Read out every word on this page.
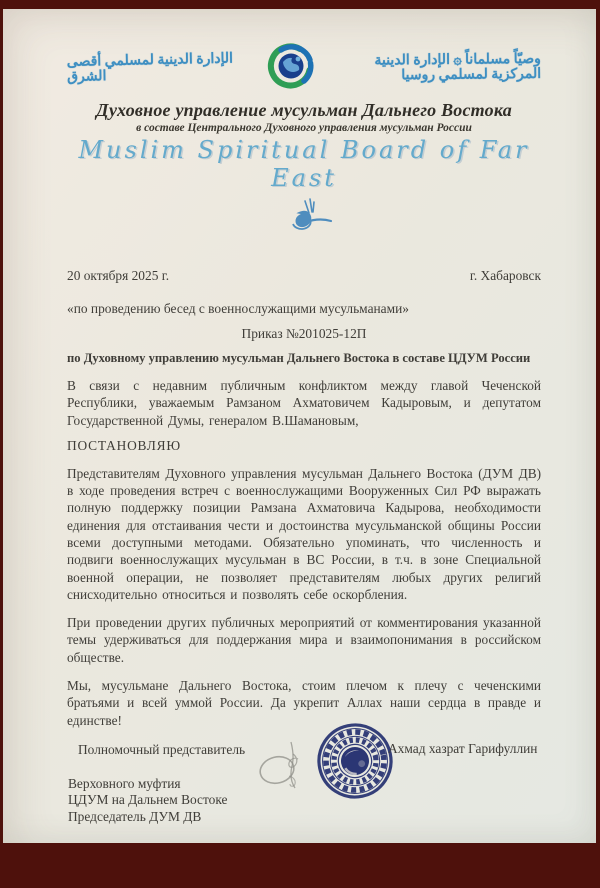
الإدارة الدينية لمسلمي أقصى الشرق
وصيّاً مسلماناً ۞ الإدارة الدينية المركزية لمسلمي روسيا
Духовное управление мусульман Дальнего Востока
в составе Центрального Духовного управления мусульман России
Muslim Spiritual Board of Far East
20 октября 2025 г.	г. Хабаровск
«по проведению бесед с военнослужащими мусульманами»
Приказ №201025-12П
по Духовному управлению мусульман Дальнего Востока в составе ЦДУМ России
В связи с недавним публичным конфликтом между главой Чеченской Республики, уважаемым Рамзаном Ахматовичем Кадыровым, и депутатом Государственной Думы, генералом В.Шамановым,
ПОСТАНОВЛЯЮ
Представителям Духовного управления мусульман Дальнего Востока (ДУМ ДВ) в ходе проведения встреч с военнослужащими Вооруженных Сил РФ выражать полную поддержку позиции Рамзана Ахматовича Кадырова, необходимости единения для отстаивания чести и достоинства мусульманской общины России всеми доступными методами. Обязательно упоминать, что численность и подвиги военнослужащих мусульман в ВС России, в т.ч. в зоне Специальной военной операции, не позволяет представителям любых других религий снисходительно относиться и позволять себе оскорбления.
При проведении других публичных мероприятий от комментирования указанной темы удерживаться для поддержания мира и взаимопонимания в российском обществе.
Мы, мусульмане Дальнего Востока, стоим плечом к плечу с чеченскими братьями и всей уммой России. Да укрепит Аллах наши сердца в правде и единстве!
Полномочный представитель
Верховного муфтия
ЦДУМ на Дальнем Востоке
Председатель ДУМ ДВ
Ахмад хазрат Гарифуллин
